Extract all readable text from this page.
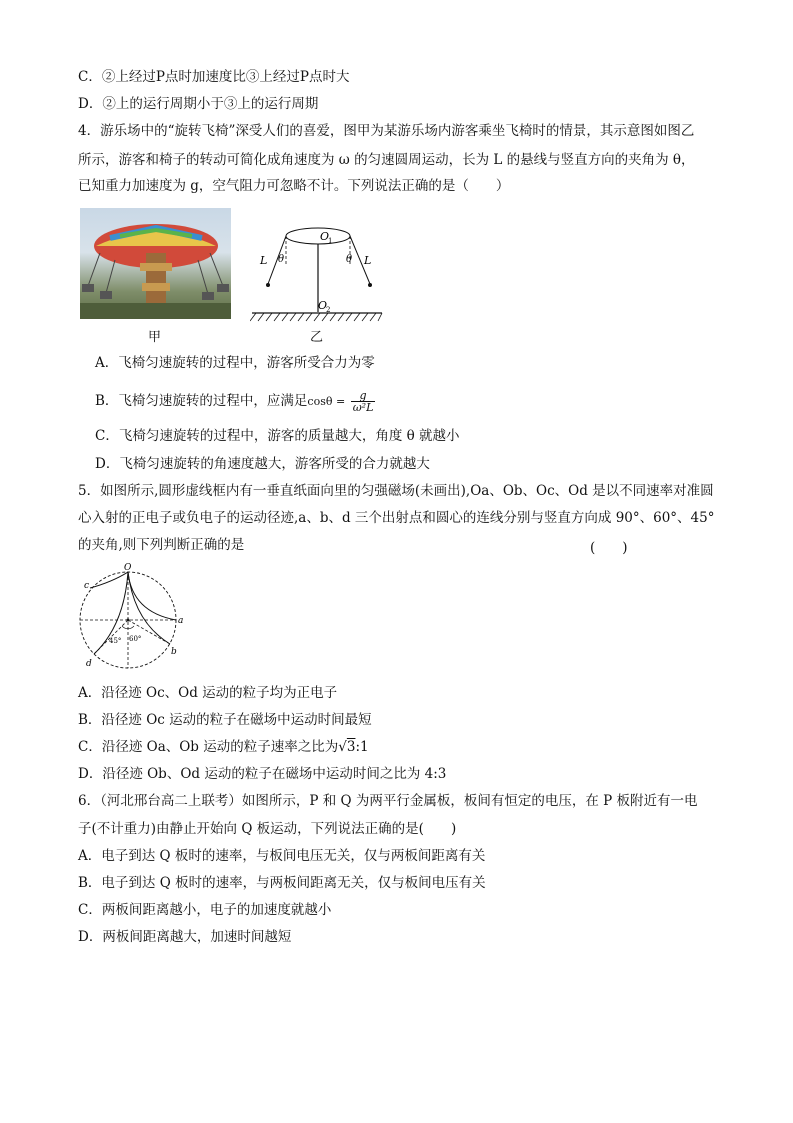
C．②上经过P点时加速度比③上经过P点时大
D．②上的运行周期小于③上的运行周期
4．游乐场中的“旋转飞椅”深受人们的喜爱，图甲为某游乐场内游客乘坐飞椅时的情景，其示意图如图乙
所示，游客和椅子的转动可简化成角速度为 ω 的匀速圆周运动，长为 L 的悬线与竖直方向的夹角为 θ，
已知重力加速度为 g，空气阻力可忽略不计。下列说法正确的是（　　）
甲
O
1
O
2
L	L
θ	θ
乙
A．飞椅匀速旋转的过程中，游客所受合力为零
B．飞椅匀速旋转的过程中，应满足$\cos\theta = \frac{g}{\text{ω²L}}$
C．飞椅匀速旋转的过程中，游客的质量越大，角度 θ 就越小
D．飞椅匀速旋转的角速度越大，游客所受的合力就越大
5．如图所示,圆形虚线框内有一垂直纸面向里的匀强磁场(未画出),Oa、Ob、Oc、Od 是以不同速率对准圆
心入射的正电子或负电子的运动径迹,a、b、d 三个出射点和圆心的连线分别与竖直方向成 90°、60°、45°
的夹角,则下列判断正确的是	(　　)
O
a
b
c
d
45° 60°
A．沿径迹 Oc、Od 运动的粒子均为正电子
B．沿径迹 Oc 运动的粒子在磁场中运动时间最短
C．沿径迹 Oa、Ob 运动的粒子速率之比为√3:1
D．沿径迹 Ob、Od 运动的粒子在磁场中运动时间之比为 4:3
6．（河北邢台高二上联考）如图所示，P 和 Q 为两平行金属板，板间有恒定的电压，在 P 板附近有一电
子(不计重力)由静止开始向 Q 板运动，下列说法正确的是(　　)
A．电子到达 Q 板时的速率，与板间电压无关，仅与两板间距离有关
B．电子到达 Q 板时的速率，与两板间距离无关，仅与板间电压有关
C．两板间距离越小，电子的加速度就越小
D．两板间距离越大，加速时间越短
